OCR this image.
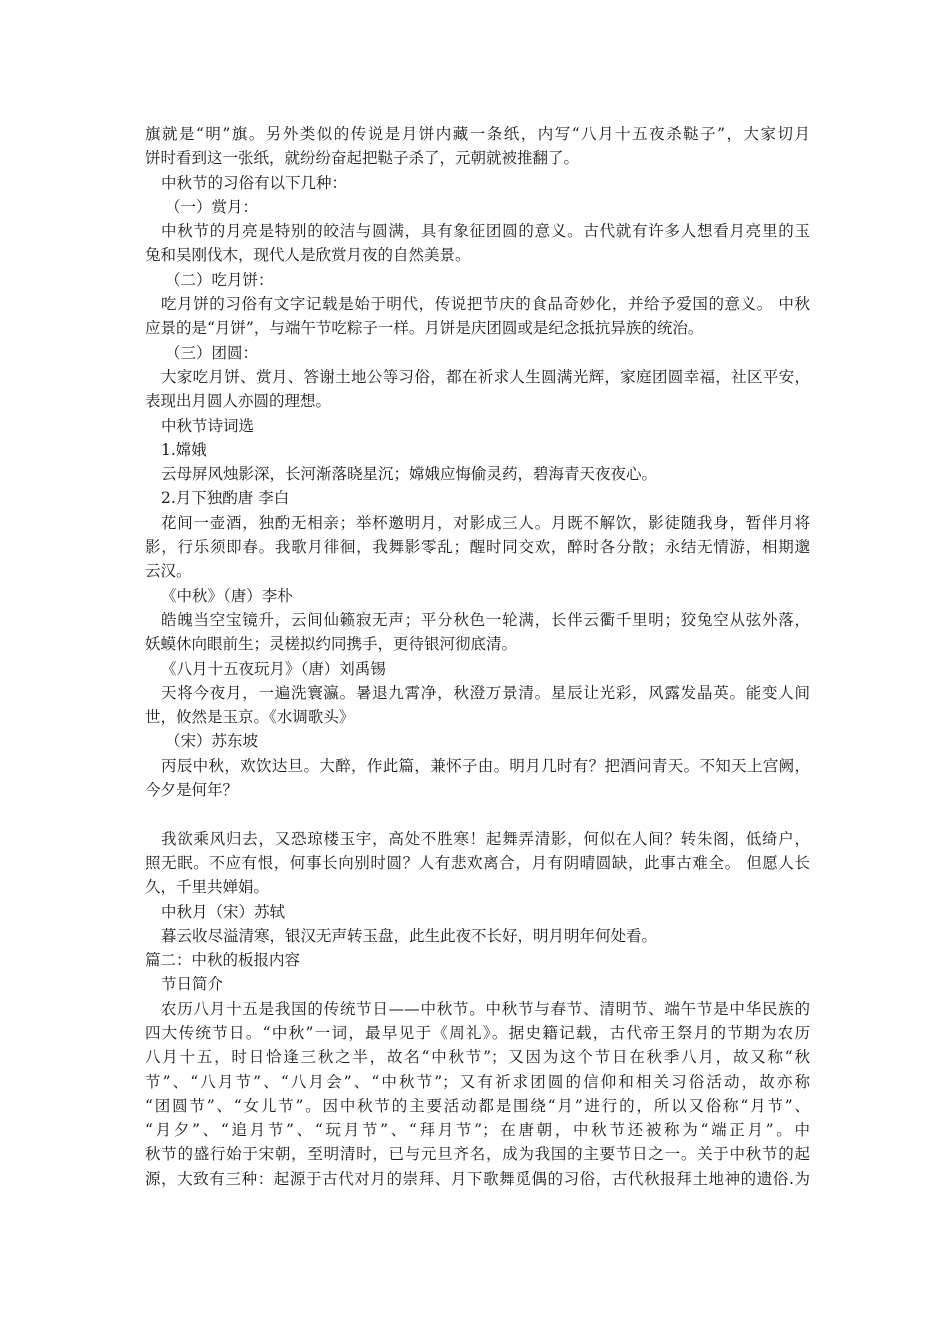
旗就是“明”旗。另外类似的传说是月饼内藏一条纸，内写“八月十五夜杀鞑子”，大家切月
饼时看到这一张纸，就纷纷奋起把鞑子杀了，元朝就被推翻了。
中秋节的习俗有以下几种：
（一）赏月：
中秋节的月亮是特别的皎洁与圆满，具有象征团圆的意义。古代就有许多人想看月亮里的玉
兔和吴刚伐木，现代人是欣赏月夜的自然美景。
（二）吃月饼：
吃月饼的习俗有文字记载是始于明代，传说把节庆的食品奇妙化，并给予爱国的意义。 中秋
应景的是“月饼”，与端午节吃粽子一样。月饼是庆团圆或是纪念抵抗异族的统治。
（三）团圆：
大家吃月饼、赏月、答谢土地公等习俗，都在祈求人生圆满光辉，家庭团圆幸福，社区平安，
表现出月圆人亦圆的理想。
中秋节诗词选
1.嫦娥
云母屏风烛影深，长河渐落晓星沉；嫦娥应悔偷灵药，碧海青天夜夜心。
2.月下独酌唐 李白
花间一壶酒，独酌无相亲；举杯邀明月，对影成三人。月既不解饮，影徒随我身，暂伴月将
影，行乐须即春。我歌月徘徊，我舞影零乱；醒时同交欢，醉时各分散；永结无情游，相期邈
云汉。
《中秋》（唐）李朴
皓魄当空宝镜升，云间仙籁寂无声；平分秋色一轮满，长伴云衢千里明；狡兔空从弦外落，
妖蟆休向眼前生；灵槎拟约同携手，更待银河彻底清。
《八月十五夜玩月》（唐）刘禹锡
天将今夜月，一遍洗寰瀛。暑退九霄净，秋澄万景清。星辰让光彩，风露发晶英。能变人间
世，攸然是玉京。《水调歌头》
（宋）苏东坡
丙辰中秋，欢饮达旦。大醉，作此篇，兼怀子由。明月几时有？把酒问青天。不知天上宫阙，
今夕是何年？
我欲乘风归去，又恐琼楼玉宇，高处不胜寒！起舞弄清影，何似在人间？转朱阁，低绮户，
照无眠。不应有恨，何事长向别时圆？人有悲欢离合，月有阴晴圆缺，此事古难全。 但愿人长
久，千里共婵娟。
中秋月（宋）苏轼
暮云收尽溢清寒，银汉无声转玉盘，此生此夜不长好，明月明年何处看。
篇二：中秋的板报内容
节日简介
农历八月十五是我国的传统节日——中秋节。中秋节与春节、清明节、端午节是中华民族的
四大传统节日。“中秋”一词，最早见于《周礼》。据史籍记载，古代帝王祭月的节期为农历
八月十五，时日恰逢三秋之半，故名“中秋节”；又因为这个节日在秋季八月，故又称“秋
节”、“八月节”、“八月会”、“中秋节”；又有祈求团圆的信仰和相关习俗活动，故亦称
“团圆节”、“女儿节”。因中秋节的主要活动都是围绕“月”进行的，所以又俗称“月节”、
“月夕”、“追月节”、“玩月节”、“拜月节”；在唐朝，中秋节还被称为“端正月”。中
秋节的盛行始于宋朝，至明清时，已与元旦齐名，成为我国的主要节日之一。关于中秋节的起
源，大致有三种：起源于古代对月的崇拜、月下歌舞觅偶的习俗，古代秋报拜土地神的遗俗.为
